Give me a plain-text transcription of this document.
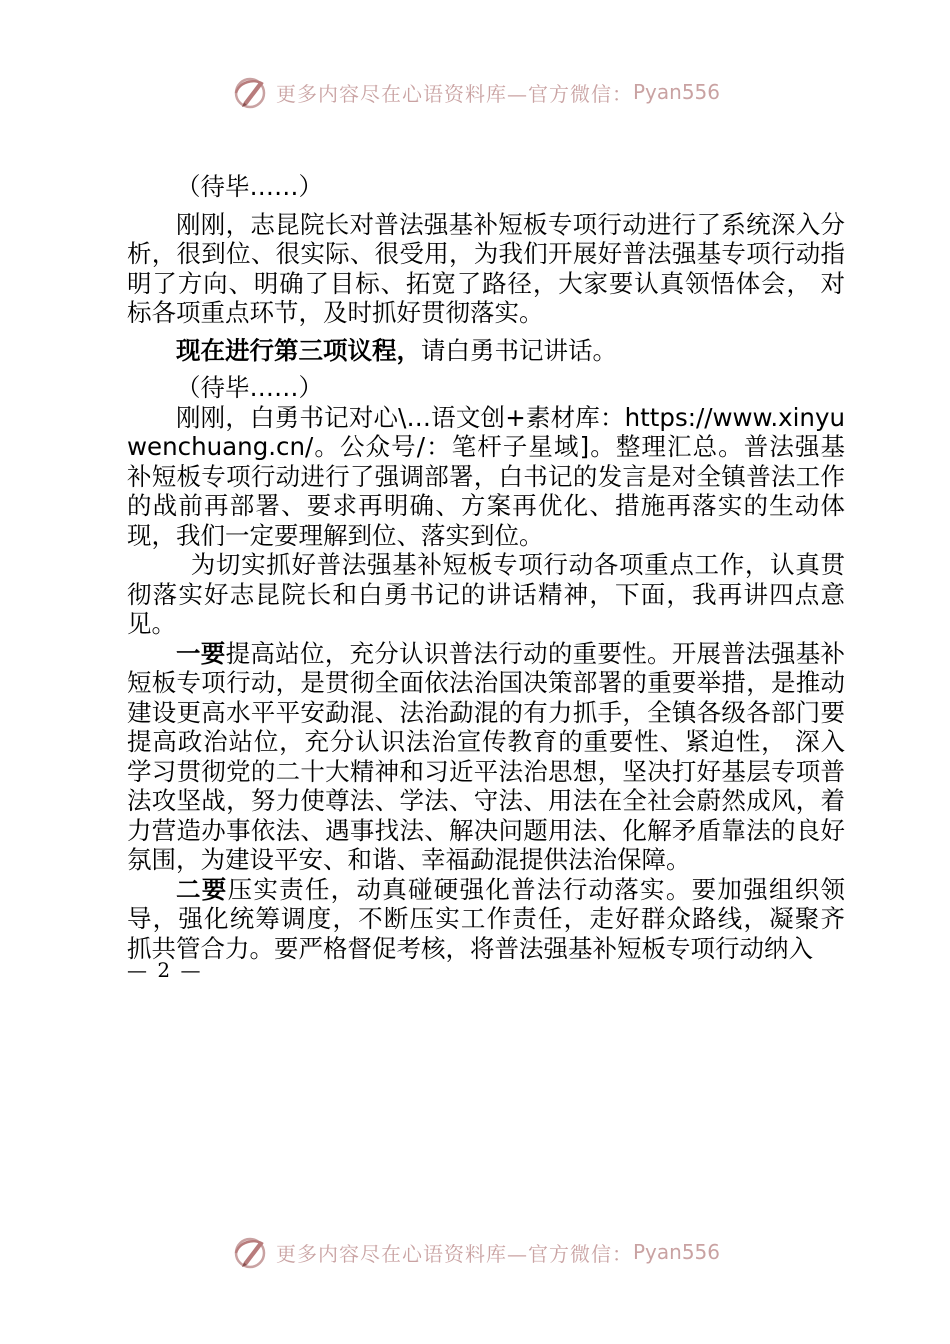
更多内容尽在心语资料库—官方微信： Pyan556

（待毕……）

刚刚，志昆院长对普法强基补短板专项行动进行了系统深入分析，很到位、很实际、很受用，为我们开展好普法强基专项行动指明了方向、明确了目标、拓宽了路径，大家要认真领悟体会， 对标各项重点环节，及时抓好贯彻落实。

现在进行第三项议程，请白勇书记讲话。

（待毕……）

刚刚，白勇书记对心\…语文创+素材库：https://www.xinyuwenchuang.cn/。公众号/：笔杆子星域]。整理汇总。普法强基补短板专项行动进行了强调部署，白书记的发言是对全镇普法工作的战前再部署、要求再明确、方案再优化、措施再落实的生动体现，我们一定要理解到位、落实到位。

为切实抓好普法强基补短板专项行动各项重点工作，认真贯彻落实好志昆院长和白勇书记的讲话精神，下面，我再讲四点意见。

一要提高站位，充分认识普法行动的重要性。开展普法强基补短板专项行动，是贯彻全面依法治国决策部署的重要举措，是推动建设更高水平平安勐混、法治勐混的有力抓手，全镇各级各部门要提高政治站位，充分认识法治宣传教育的重要性、紧迫性， 深入学习贯彻党的二十大精神和习近平法治思想，坚决打好基层专项普法攻坚战，努力使尊法、学法、守法、用法在全社会蔚然成风，着力营造办事依法、遇事找法、解决问题用法、化解矛盾靠法的良好氛围，为建设平安、和谐、幸福勐混提供法治保障。

二要压实责任，动真碰硬强化普法行动落实。要加强组织领导，强化统筹调度，不断压实工作责任，走好群众路线，凝聚齐 抓共管合力。要严格督促考核，将普法强基补短板专项行动纳入

— 2 —
更多内容尽在心语资料库—官方微信： Pyan556
